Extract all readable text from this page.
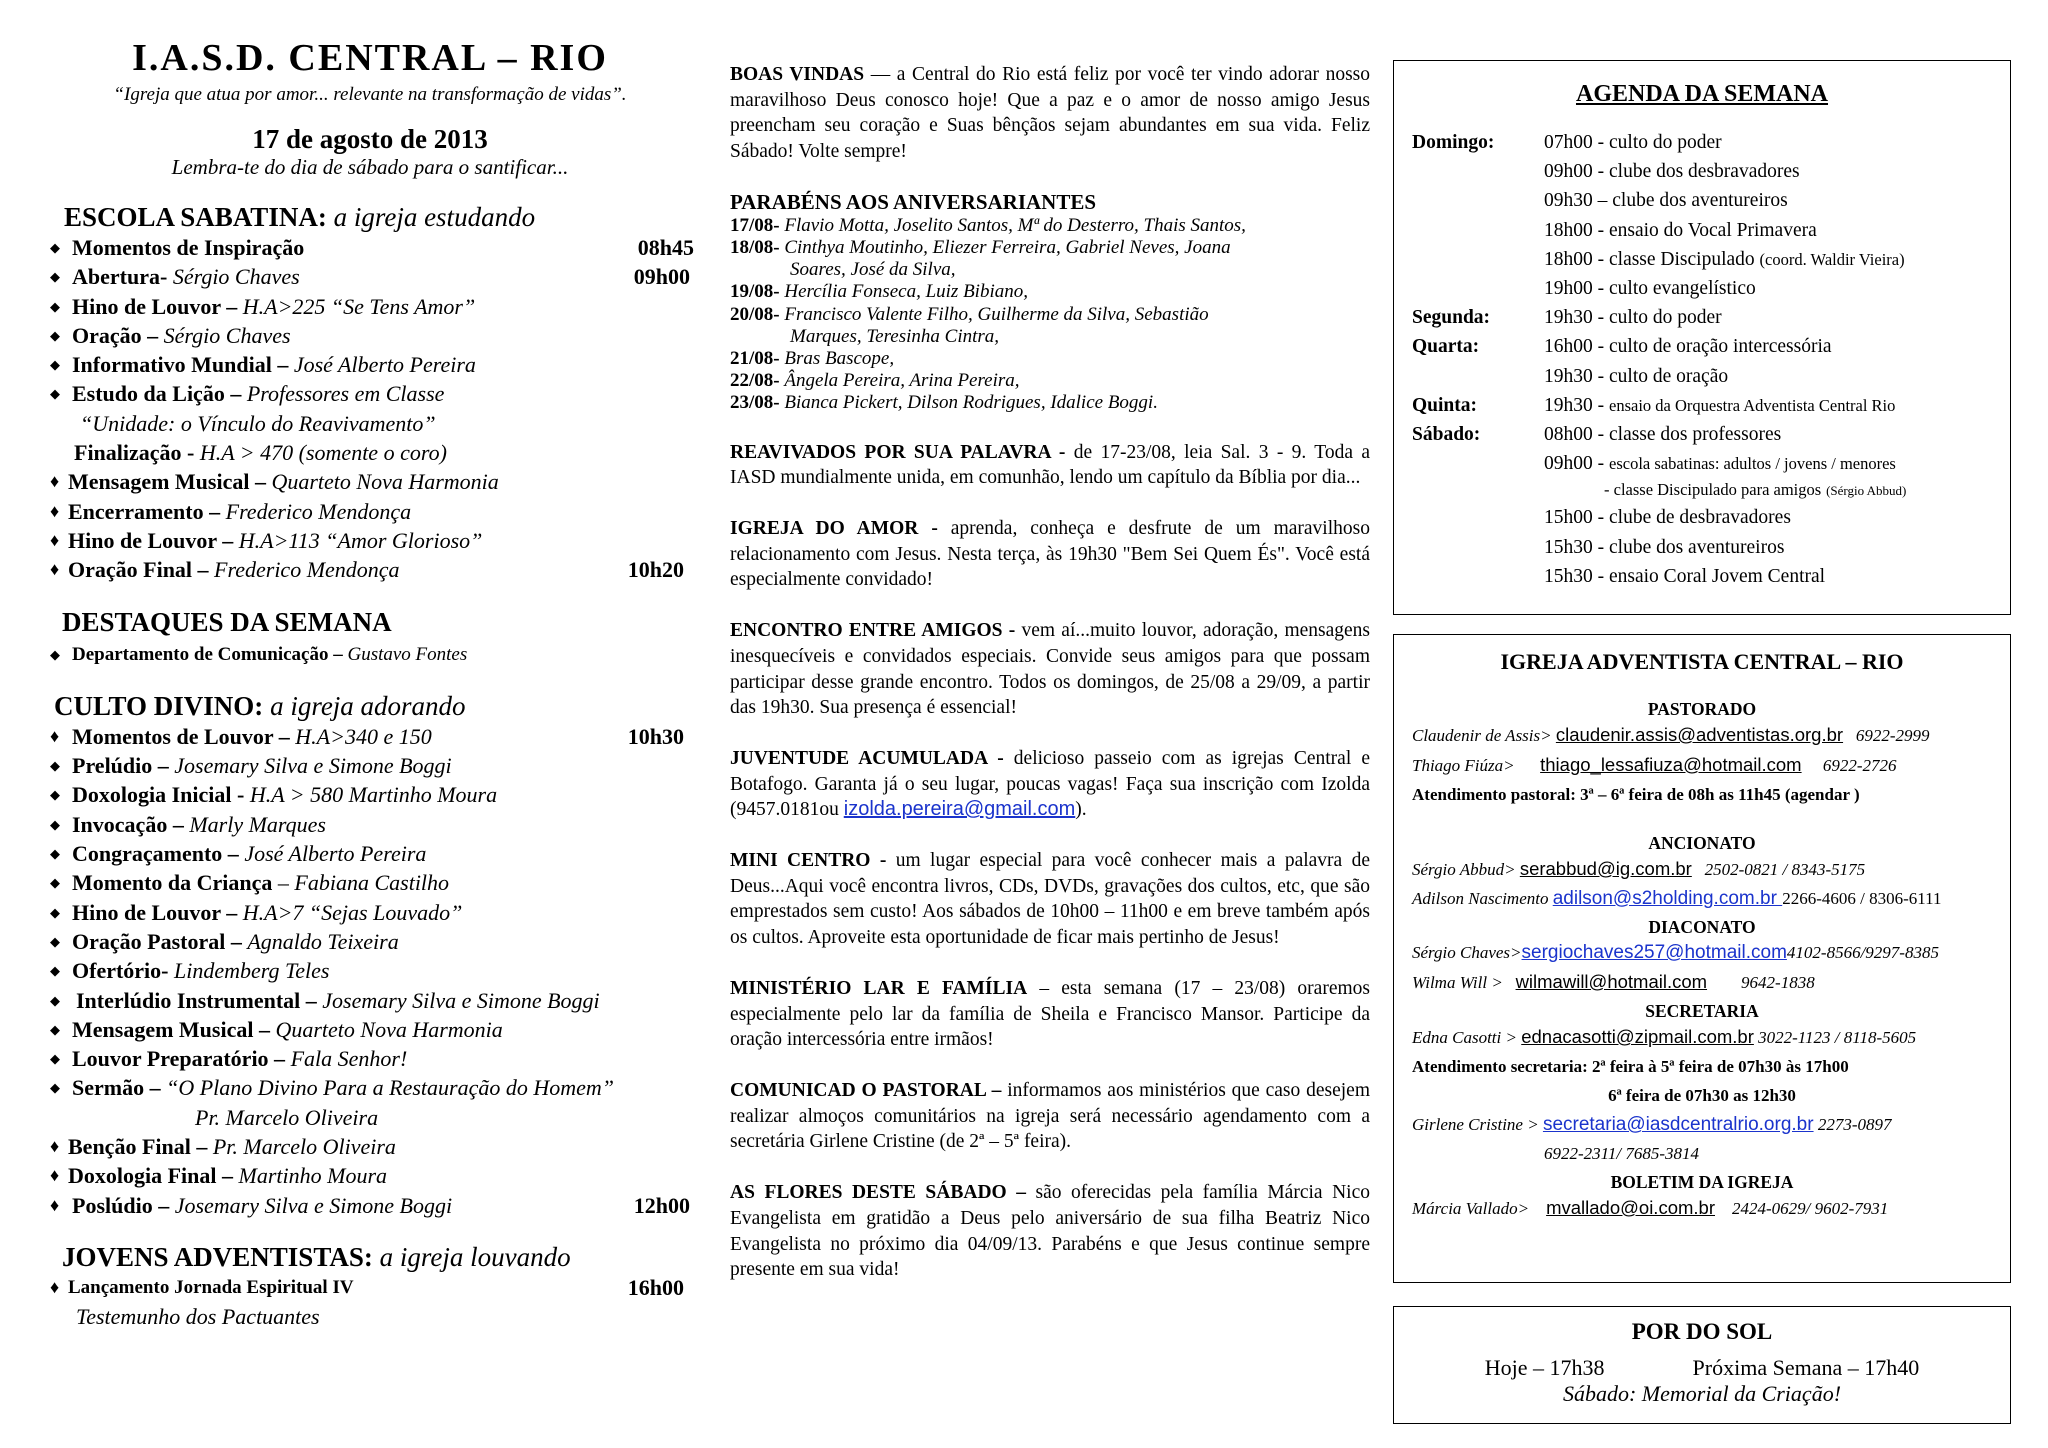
I.A.S.D. CENTRAL – RIO
“Igreja que atua por amor... relevante na transformação de vidas”.
17 de agosto de 2013
Lembra-te do dia de sábado para o santificar...
ESCOLA SABATINA: a igreja estudando
◆ Momentos de Inspiração	08h45
◆ Abertura- Sérgio Chaves	09h00
◆ Hino de Louvor – H.A>225 “Se Tens Amor”
◆ Oração – Sérgio Chaves
◆ Informativo Mundial – José Alberto Pereira
◆ Estudo da Lição – Professores em Classe
“Unidade: o Vínculo do Reavivamento”
Finalização - H.A > 470 (somente o coro)
♦ Mensagem Musical – Quarteto Nova Harmonia
♦ Encerramento – Frederico Mendonça
♦ Hino de Louvor – H.A>113 “Amor Glorioso”
♦ Oração Final – Frederico Mendonça	10h20
DESTAQUES DA SEMANA
◆ Departamento de Comunicação – Gustavo Fontes
CULTO DIVINO: a igreja adorando
♦ Momentos de Louvor – H.A>340 e 150	10h30
◆ Prelúdio – Josemary Silva e Simone Boggi
◆ Doxologia Inicial - H.A > 580 Martinho Moura
◆ Invocação – Marly Marques
◆ Congraçamento – José Alberto Pereira
◆ Momento da Criança – Fabiana Castilho
◆ Hino de Louvor – H.A>7 “Sejas Louvado”
◆ Oração Pastoral – Agnaldo Teixeira
◆ Ofertório- Lindemberg Teles
◆ Interlúdio Instrumental – Josemary Silva e Simone Boggi
◆ Mensagem Musical – Quarteto Nova Harmonia
◆ Louvor Preparatório – Fala Senhor!
◆ Sermão – “O Plano Divino Para a Restauração do Homem”
Pr. Marcelo Oliveira
♦ Benção Final – Pr. Marcelo Oliveira
♦ Doxologia Final – Martinho Moura
♦ Poslúdio – Josemary Silva e Simone Boggi	12h00
JOVENS ADVENTISTAS: a igreja louvando
♦ Lançamento Jornada Espiritual IV	16h00
Testemunho dos Pactuantes

BOAS VINDAS — a Central do Rio está feliz por você ter vindo adorar nosso maravilhoso Deus conosco hoje! Que a paz e o amor de nosso amigo Jesus preencham seu coração e Suas bênçãos sejam abundantes em sua vida. Feliz Sábado! Volte sempre!

PARABÉNS AOS ANIVERSARIANTES
17/08- Flavio Motta, Joselito Santos, Mª do Desterro, Thais Santos,
18/08- Cinthya Moutinho, Eliezer Ferreira, Gabriel Neves, Joana
Soares, José da Silva,
19/08- Hercília Fonseca, Luiz Bibiano,
20/08- Francisco Valente Filho, Guilherme da Silva, Sebastião
Marques, Teresinha Cintra,
21/08- Bras Bascope,
22/08- Ângela Pereira, Arina Pereira,
23/08- Bianca Pickert, Dilson Rodrigues, Idalice Boggi.

REAVIVADOS POR SUA PALAVRA - de 17-23/08, leia Sal. 3 - 9. Toda a IASD mundialmente unida, em comunhão, lendo um capítulo da Bíblia por dia...

IGREJA DO AMOR - aprenda, conheça e desfrute de um maravilhoso relacionamento com Jesus. Nesta terça, às 19h30 "Bem Sei Quem És". Você está especialmente convidado!

ENCONTRO ENTRE AMIGOS - vem aí...muito louvor, adoração, mensagens inesquecíveis e convidados especiais. Convide seus amigos para que possam participar desse grande encontro. Todos os domingos, de 25/08 a 29/09, a partir das 19h30. Sua presença é essencial!

JUVENTUDE ACUMULADA - delicioso passeio com as igrejas Central e Botafogo. Garanta já o seu lugar, poucas vagas! Faça sua inscrição com Izolda (9457.0181ou izolda.pereira@gmail.com).

MINI CENTRO - um lugar especial para você conhecer mais a palavra de Deus...Aqui você encontra livros, CDs, DVDs, gravações dos cultos, etc, que são emprestados sem custo! Aos sábados de 10h00 – 11h00 e em breve também após os cultos. Aproveite esta oportunidade de ficar mais pertinho de Jesus!

MINISTÉRIO LAR E FAMÍLIA – esta semana (17 – 23/08) oraremos especialmente pelo lar da família de Sheila e Francisco Mansor. Participe da oração intercessória entre irmãos!

COMUNICAD O PASTORAL – informamos aos ministérios que caso desejem realizar almoços comunitários na igreja será necessário agendamento com a secretária Girlene Cristine (de 2ª – 5ª feira).

AS FLORES DESTE SÁBADO – são oferecidas pela família Márcia Nico Evangelista em gratidão a Deus pelo aniversário de sua filha Beatriz Nico Evangelista no próximo dia 04/09/13. Parabéns e que Jesus continue sempre presente em sua vida!

AGENDA DA SEMANA
Domingo:	07h00 - culto do poder
09h00 - clube dos desbravadores
09h30 – clube dos aventureiros
18h00 - ensaio do Vocal Primavera
18h00 - classe Discipulado (coord. Waldir Vieira)
19h00 - culto evangelístico
Segunda:	19h30 - culto do poder
Quarta:	16h00 - culto de oração intercessória
19h30 - culto de oração
Quinta:	19h30 - ensaio da Orquestra Adventista Central Rio
Sábado:	08h00 - classe dos professores
09h00 - escola sabatinas: adultos / jovens / menores
- classe Discipulado para amigos (Sérgio Abbud)
15h00 - clube de desbravadores
15h30 - clube dos aventureiros
15h30 - ensaio Coral Jovem Central
IGREJA ADVENTISTA CENTRAL – RIO
PASTORADO
Claudenir de Assis> claudenir.assis@adventistas.org.br 6922-2999
Thiago Fiúza> thiago_lessafiuza@hotmail.com 6922-2726
Atendimento pastoral: 3ª – 6ª feira de 08h as 11h45 (agendar )
ANCIONATO
Sérgio Abbud> serabbud@ig.com.br 2502-0821 / 8343-5175
Adilson Nascimento adilson@s2holding.com.br 2266-4606 / 8306-6111
DIACONATO
Sérgio Chaves>sergiochaves257@hotmail.com4102-8566/9297-8385
Wilma Will > wilmawill@hotmail.com 9642-1838
SECRETARIA
Edna Casotti > ednacasotti@zipmail.com.br 3022-1123 / 8118-5605
Atendimento secretaria: 2ª feira à 5ª feira de 07h30 às 17h00
6ª feira de 07h30 as 12h30
Girlene Cristine > secretaria@iasdcentralrio.org.br 2273-0897
6922-2311/ 7685-3814
BOLETIM DA IGREJA
Márcia Vallado> mvallado@oi.com.br 2424-0629/ 9602-7931
POR DO SOL
Hoje – 17h38	Próxima Semana – 17h40
Sábado: Memorial da Criação!
